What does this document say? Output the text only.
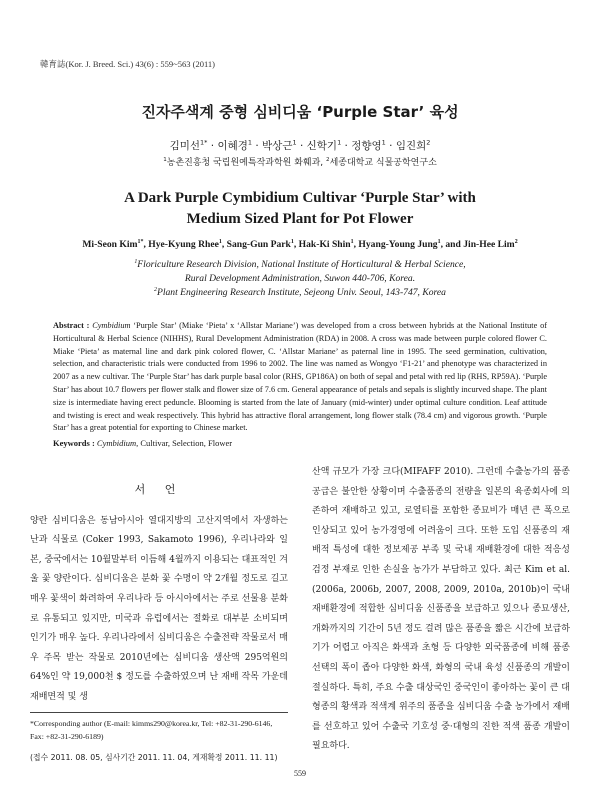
韓育誌(Kor. J. Breed. Sci.) 43(6) : 559~563 (2011)
진자주색계 중형 심비디움 ‘Purple Star’ 육성
김미선$^{1*}$ · 이혜경$^1$ · 박상근$^1$ · 신학기$^1$ · 정향영$^1$ · 임진희$^2$
$^1$농촌진흥청 국립원예특작과학원 화훼과, $^2$세종대학교 식물공학연구소
A Dark Purple Cymbidium Cultivar ‘Purple Star’ with
Medium Sized Plant for Pot Flower
Mi-Seon Kim$^{1*}$, Hye-Kyung Rhee$^1$, Sang-Gun Park$^1$, Hak-Ki Shin$^1$, Hyang-Young Jung$^1$, and Jin-Hee Lim$^2$
$^1$Floriculture Research Division, National Institute of Horticultural & Herbal Science,
Rural Development Administration, Suwon 440-706, Korea.
$^2$Plant Engineering Research Institute, Sejeong Univ. Seoul, 143-747, Korea
Abstract : Cymbidium ‘Purple Star’ (Miake ‘Pieta’ x ‘Allstar Mariane’) was developed from a cross between hybrids at the National Institute of Horticultural & Herbal Science (NIHHS), Rural Development Administration (RDA) in 2008. A cross was made between purple colored flower C. Miake ‘Pieta’ as maternal line and dark pink colored flower, C. ‘Allstar Mariane’ as paternal line in 1995. The seed germination, cultivation, selection, and characteristic trials were conducted from 1996 to 2002. The line was named as Wongyo ‘F1-21’ and phenotype was characterized in 2007 as a new cultivar. The ‘Purple Star’ has dark purple basal color (RHS, GP186A) on both of sepal and petal with red lip (RHS, RP59A). ‘Purple Star’ has about 10.7 flowers per flower stalk and flower size of 7.6 cm. General appearance of petals and sepals is slightly incurved shape. The plant size is intermediate having erect peduncle. Blooming is started from the late of January (mid-winter) under optimal culture condition. Leaf attitude and twisting is erect and weak respectively. This hybrid has attractive floral arrangement, long flower stalk (78.4 cm) and vigorous growth. ‘Purple Star’ has a great potential for exporting to Chinese market.
Keywords : Cymbidium, Cultivar, Selection, Flower
서 언

양란 심비디움은 동남아시아 열대지방의 고산지역에서 자생하는 난과 식물로 (Coker 1993, Sakamoto 1996), 우리나라와 일본, 중국에서는 10월말부터 이듬해 4월까지 이용되는 대표적인 겨울 꽃 양란이다. 심비디움은 분화 꽃 수명이 약 2개월 정도로 길고 매우 꽃색이 화려하여 우리나라 등 아시아에서는 주로 선물용 분화로 유통되고 있지만, 미국과 유럽에서는 절화로 대부분 소비되며 인기가 매우 높다. 우리나라에서 심비디움은 수출전략 작물로서 매우 주목 받는 작물로 2010년에는 심비디움 생산액 295억원의 64%인 약 19,000천 $ 정도를 수출하였으며 난 재배 작목 가운데 재배면적 및 생

산액 규모가 가장 크다(MIFAFF 2010). 그런데 수출농가의 품종 공급은 불안한 상황이며 수출품종의 전량을 일본의 육종회사에 의존하여 재배하고 있고, 로열티를 포함한 종묘비가 매년 큰 폭으로 인상되고 있어 농가경영에 어려움이 크다. 또한 도입 신품종의 재배적 특성에 대한 정보제공 부족 및 국내 재배환경에 대한 적응성 검정 부재로 인한 손실을 농가가 부담하고 있다. 최근 Kim et al. (2006a, 2006b, 2007, 2008, 2009, 2010a, 2010b)이 국내 재배환경에 적합한 심비디움 신품종을 보급하고 있으나 종묘생산, 개화까지의 기간이 5년 정도 걸려 많은 품종을 짧은 시간에 보급하기가 어렵고 아직은 화색과 초형 등 다양한 외국품종에 비해 품종 선택의 폭이 좁아 다양한 화색, 화형의 국내 육성 신품종의 개발이 절실하다. 특히, 주요 수출 대상국인 중국인이 좋아하는 꽃이 큰 대형종의 황색과 적색계 위주의 품종을 심비디움 수출 농가에서 재배를 선호하고 있어 수출국 기호성 중·대형의 진한 적색 품종 개발이 필요하다.

*Corresponding author (E-mail: kimms290@korea.kr, Tel: +82-31-290-6146, Fax: +82-31-290-6189)
(접수 2011. 08. 05, 심사기간 2011. 11. 04, 게재확정 2011. 11. 11)
559
